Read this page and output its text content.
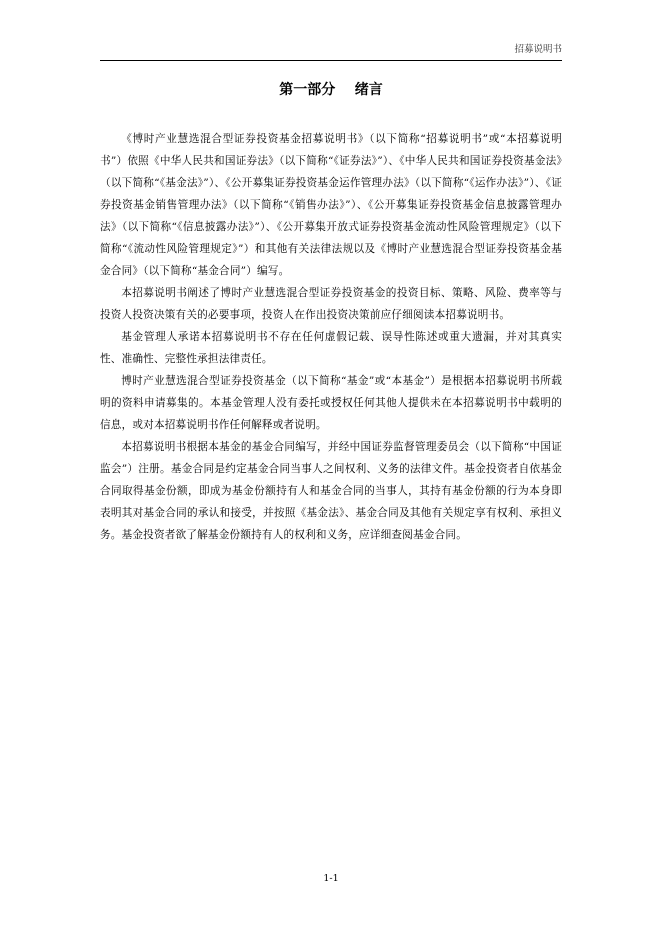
招募说明书
第一部分    绪言

《博时产业慧选混合型证券投资基金招募说明书》（以下简称“招募说明书”或“本招募说明书”）依照《中华人民共和国证券法》（以下简称“《证券法》”）、《中华人民共和国证券投资基金法》（以下简称“《基金法》”）、《公开募集证券投资基金运作管理办法》（以下简称“《运作办法》”）、《证券投资基金销售管理办法》（以下简称“《销售办法》”）、《公开募集证券投资基金信息披露管理办法》（以下简称“《信息披露办法》”）、《公开募集开放式证券投资基金流动性风险管理规定》（以下简称“《流动性风险管理规定》”）和其他有关法律法规以及《博时产业慧选混合型证券投资基金基金合同》（以下简称“基金合同”）编写。

本招募说明书阐述了博时产业慧选混合型证券投资基金的投资目标、策略、风险、费率等与投资人投资决策有关的必要事项，投资人在作出投资决策前应仔细阅读本招募说明书。

基金管理人承诺本招募说明书不存在任何虚假记载、误导性陈述或重大遗漏，并对其真实性、准确性、完整性承担法律责任。

博时产业慧选混合型证券投资基金（以下简称“基金”或“本基金”）是根据本招募说明书所载明的资料申请募集的。本基金管理人没有委托或授权任何其他人提供未在本招募说明书中载明的信息，或对本招募说明书作任何解释或者说明。

本招募说明书根据本基金的基金合同编写，并经中国证券监督管理委员会（以下简称“中国证监会”）注册。基金合同是约定基金合同当事人之间权利、义务的法律文件。基金投资者自依基金合同取得基金份额，即成为基金份额持有人和基金合同的当事人，其持有基金份额的行为本身即表明其对基金合同的承认和接受，并按照《基金法》、基金合同及其他有关规定享有权利、承担义务。基金投资者欲了解基金份额持有人的权利和义务，应详细查阅基金合同。

1-1
